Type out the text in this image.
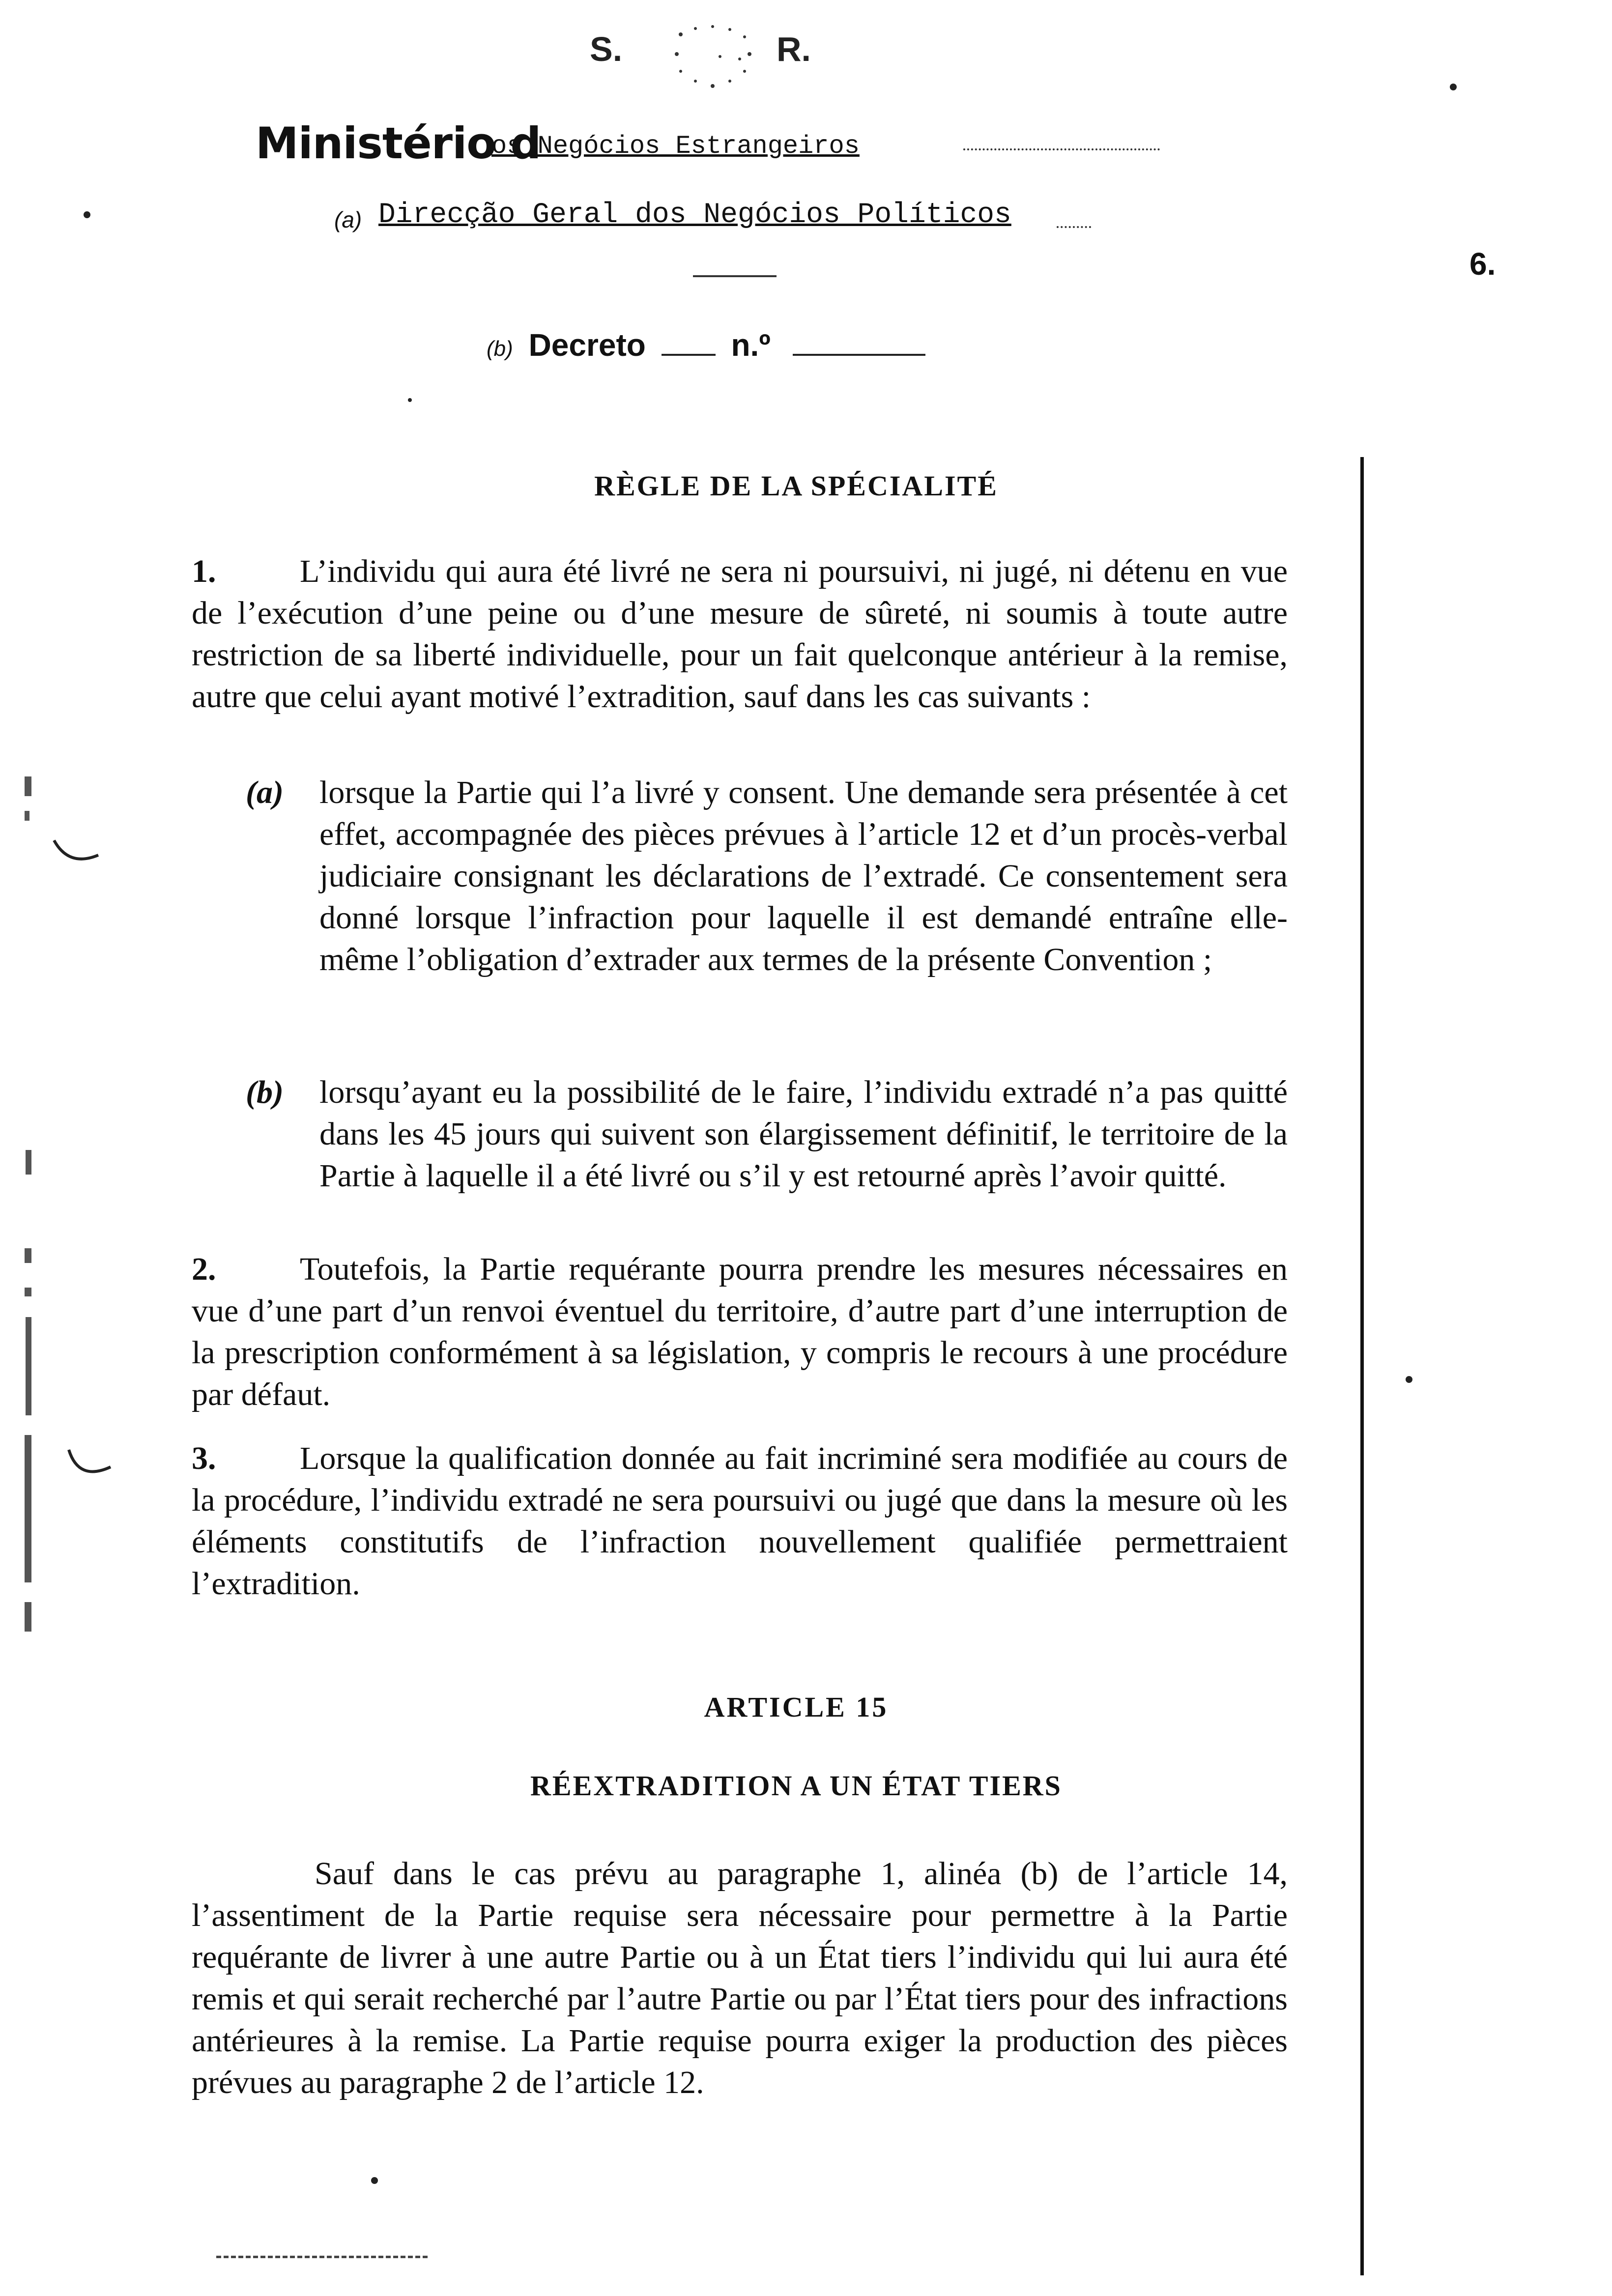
S.	R.
Ministério d
os Negócios Estrangeiros
(a) Direcção Geral dos Negócios Políticos
6.
(b) Decreto	n.º
RÈGLE DE LA SPÉCIALITÉ
1.	L’individu qui aura été livré ne sera ni poursuivi, ni jugé, ni détenu en vue de l’exécution d’une peine ou d’une mesure de sûreté, ni soumis à toute autre restriction de sa liberté individuelle, pour un fait quelconque antérieur à la remise, autre que celui ayant motivé l’extradition, sauf dans les cas suivants :
(a) lorsque la Partie qui l’a livré y consent. Une demande sera présentée à cet effet, accompagnée des pièces prévues à l’article 12 et d’un procès-verbal judiciaire consignant les déclarations de l’extradé. Ce consentement sera donné lorsque l’infraction pour laquelle il est demandé entraîne elle-même l’obligation d’extrader aux termes de la présente Convention ;
(b) lorsqu’ayant eu la possibilité de le faire, l’individu extradé n’a pas quitté dans les 45 jours qui suivent son élargissement définitif, le territoire de la Partie à laquelle il a été livré ou s’il y est retourné après l’avoir quitté.
2.	Toutefois, la Partie requérante pourra prendre les mesures nécessaires en vue d’une part d’un renvoi éventuel du territoire, d’autre part d’une interruption de la prescription conformément à sa législation, y compris le recours à une procédure par défaut.
3.	Lorsque la qualification donnée au fait incriminé sera modifiée au cours de la procédure, l’individu extradé ne sera poursuivi ou jugé que dans la mesure où les éléments constitutifs de l’infraction nouvellement qualifiée permettraient l’extradition.
ARTICLE 15
RÉEXTRADITION A UN ÉTAT TIERS
Sauf dans le cas prévu au paragraphe 1, alinéa (b) de l’article 14, l’assentiment de la Partie requise sera nécessaire pour permettre à la Partie requérante de livrer à une autre Partie ou à un État tiers l’individu qui lui aura été remis et qui serait recherché par l’autre Partie ou par l’État tiers pour des infractions antérieures à la remise. La Partie requise pourra exiger la production des pièces prévues au paragraphe 2 de l’article 12.
